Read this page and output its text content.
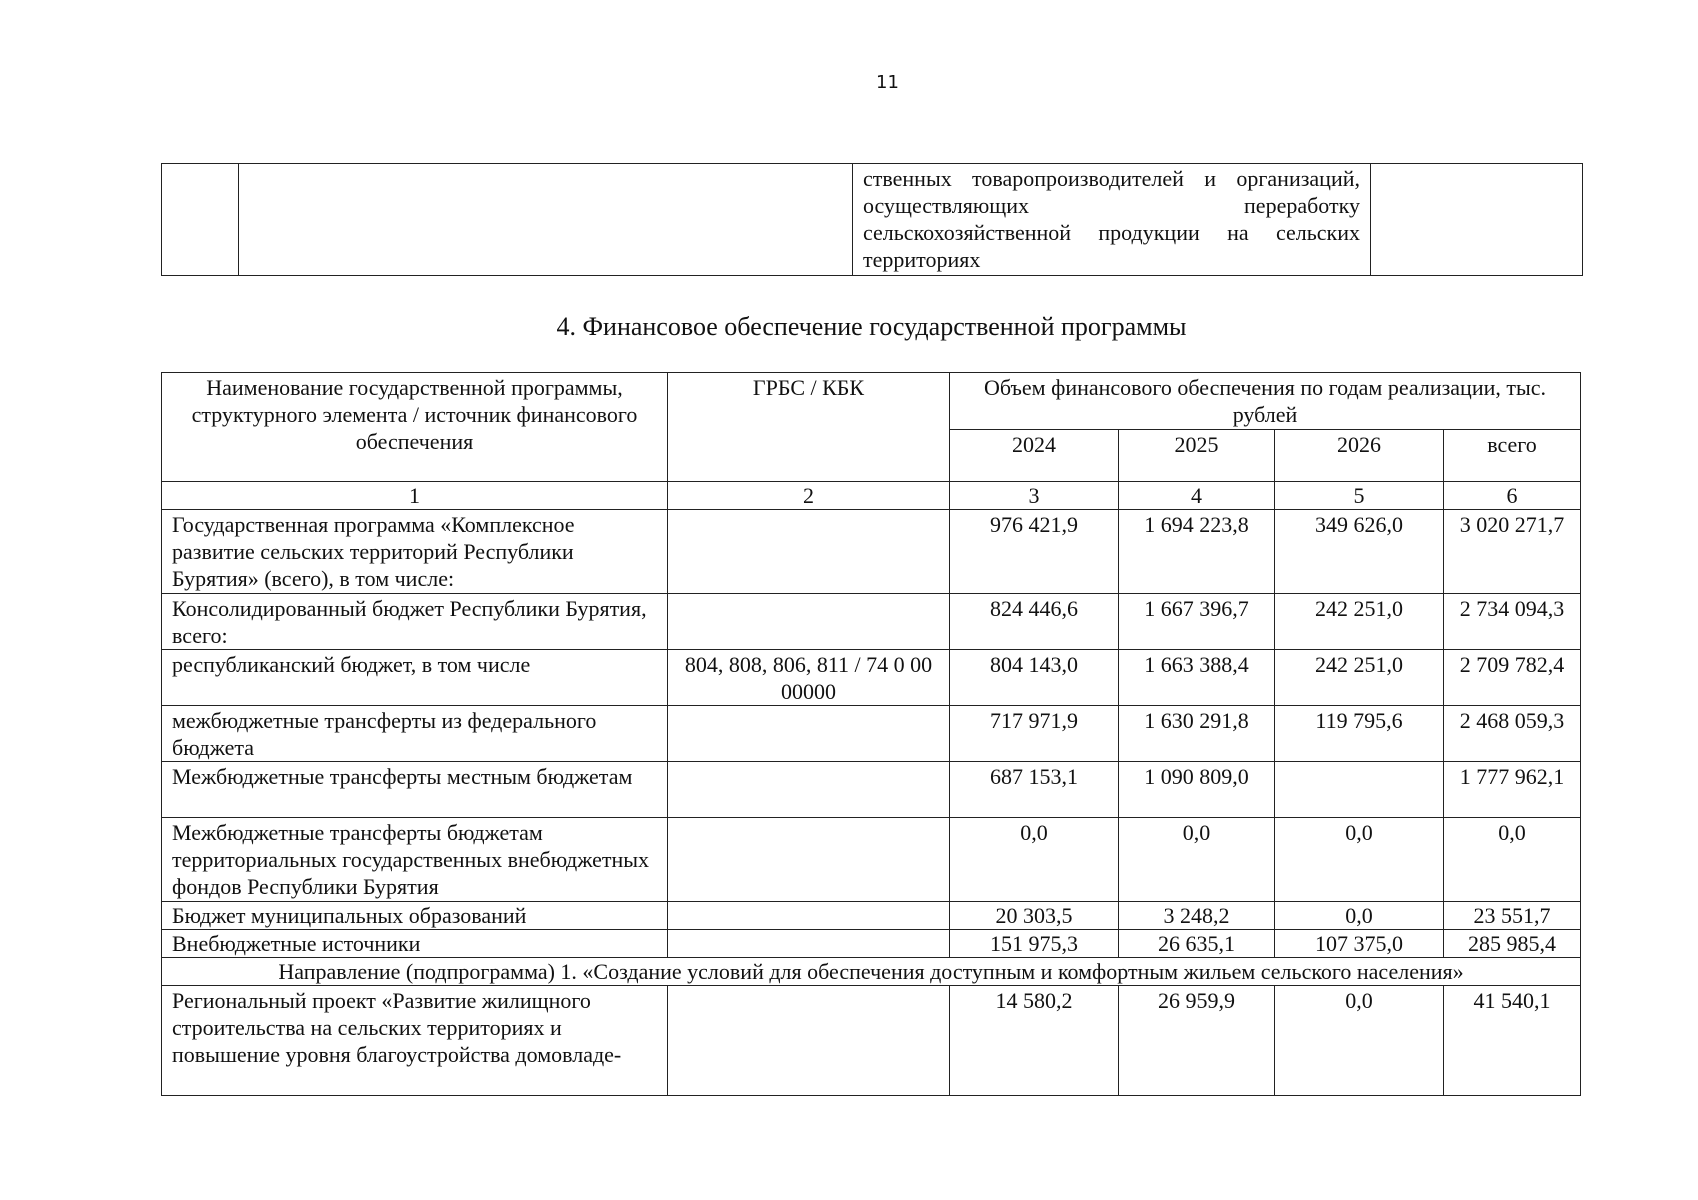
11
		ственных товаропроизводителей и организаций, осуществляющих переработку сельскохозяйственной продукции на сельских территориях	
4. Финансовое обеспечение государственной программы
Наименование государственной программы, структурного элемента / источник финансового обеспечения	ГРБС / КБК	Объем финансового обеспечения по годам реализации, тыс. рублей			
		2024	2025	2026	всего
1	2	3	4	5	6
Государственная программа «Комплексное развитие сельских территорий Республики Бурятия» (всего), в том числе:		976 421,9	1 694 223,8	349 626,0	3 020 271,7
Консолидированный бюджет Республики Бурятия, всего:		824 446,6	1 667 396,7	242 251,0	2 734 094,3
республиканский бюджет, в том числе	804, 808, 806, 811 / 74 0 00 00000	804 143,0	1 663 388,4	242 251,0	2 709 782,4
межбюджетные трансферты из федерального бюджета		717 971,9	1 630 291,8	119 795,6	2 468 059,3
Межбюджетные трансферты местным бюджетам		687 153,1	1 090 809,0		1 777 962,1
Межбюджетные трансферты бюджетам территориальных государственных внебюджетных фондов Республики Бурятия		0,0	0,0	0,0	0,0
Бюджет муниципальных образований		20 303,5	3 248,2	0,0	23 551,7
Внебюджетные источники		151 975,3	26 635,1	107 375,0	285 985,4
Направление (подпрограмма) 1. «Создание условий для обеспечения доступным и комфортным жильем сельского населения»					
Региональный проект «Развитие жилищного строительства на сельских территориях и повышение уровня благоустройства домовладе-		14 580,2	26 959,9	0,0	41 540,1
